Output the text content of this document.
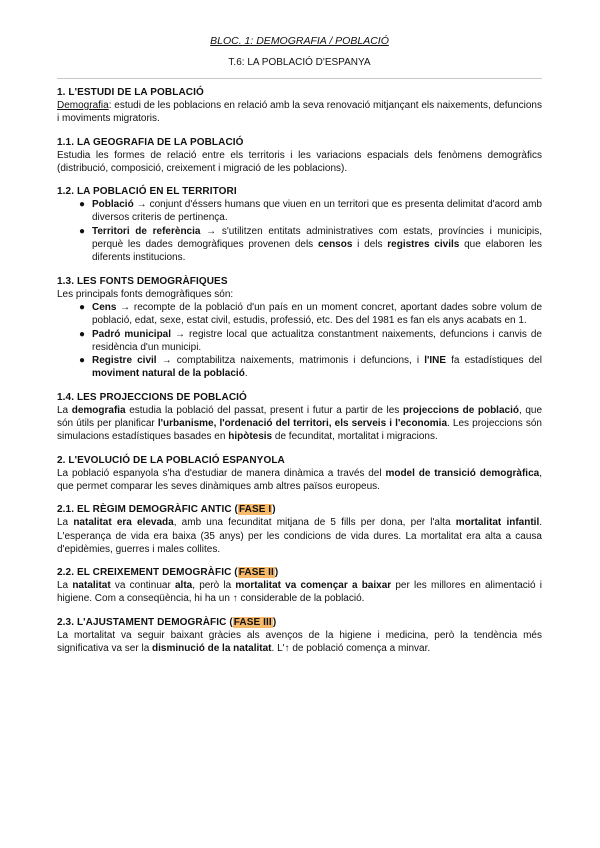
BLOC. 1: DEMOGRAFIA / POBLACIÓ

T.6: LA POBLACIÓ D'ESPANYA

1. L'ESTUDI DE LA POBLACIÓ

Demografia: estudi de les poblacions en relació amb la seva renovació mitjançant els naixements, defuncions i moviments migratoris.

1.1. LA GEOGRAFIA DE LA POBLACIÓ

Estudia les formes de relació entre els territoris i les variacions espacials dels fenòmens demogràfics (distribució, composició, creixement i migració de les poblacions).

1.2. LA POBLACIÓ EN EL TERRITORI
● Població → conjunt d'éssers humans que viuen en un territori que es presenta delimitat d'acord amb diversos criteris de pertinença.
● Territori de referència → s'utilitzen entitats administratives com estats, províncies i municipis, perquè les dades demogràfiques provenen dels censos i dels registres civils que elaboren les diferents institucions.
1.3. LES FONTS DEMOGRÀFIQUES

Les principals fonts demogràfiques són:

● Cens → recompte de la població d'un país en un moment concret, aportant dades sobre volum de població, edat, sexe, estat civil, estudis, professió, etc. Des del 1981 es fan els anys acabats en 1.
● Padró municipal → registre local que actualitza constantment naixements, defuncions i canvis de residència d'un municipi.
● Registre civil → comptabilitza naixements, matrimonis i defuncions, i l'INE fa estadístiques del moviment natural de la població.
1.4. LES PROJECCIONS DE POBLACIÓ

La demografia estudia la població del passat, present i futur a partir de les projeccions de població, que són útils per planificar l'urbanisme, l'ordenació del territori, els serveis i l'economia. Les projeccions són simulacions estadístiques basades en hipòtesis de fecunditat, mortalitat i migracions.

2. L'EVOLUCIÓ DE LA POBLACIÓ ESPANYOLA

La població espanyola s'ha d'estudiar de manera dinàmica a través del model de transició demogràfica, que permet comparar les seves dinàmiques amb altres països europeus.

2.1. EL RÈGIM DEMOGRÀFIC ANTIC (FASE I)

La natalitat era elevada, amb una fecunditat mitjana de 5 fills per dona, per l'alta mortalitat infantil. L'esperança de vida era baixa (35 anys) per les condicions de vida dures. La mortalitat era alta a causa d'epidèmies, guerres i males collites.

2.2. EL CREIXEMENT DEMOGRÀFIC (FASE II)

La natalitat va continuar alta, però la mortalitat va començar a baixar per les millores en alimentació i higiene. Com a conseqüència, hi ha un ↑ considerable de la població.

2.3. L'AJUSTAMENT DEMOGRÀFIC (FASE III)

La mortalitat va seguir baixant gràcies als avenços de la higiene i medicina, però la tendència més significativa va ser la disminució de la natalitat. L'↑ de població comença a minvar.
